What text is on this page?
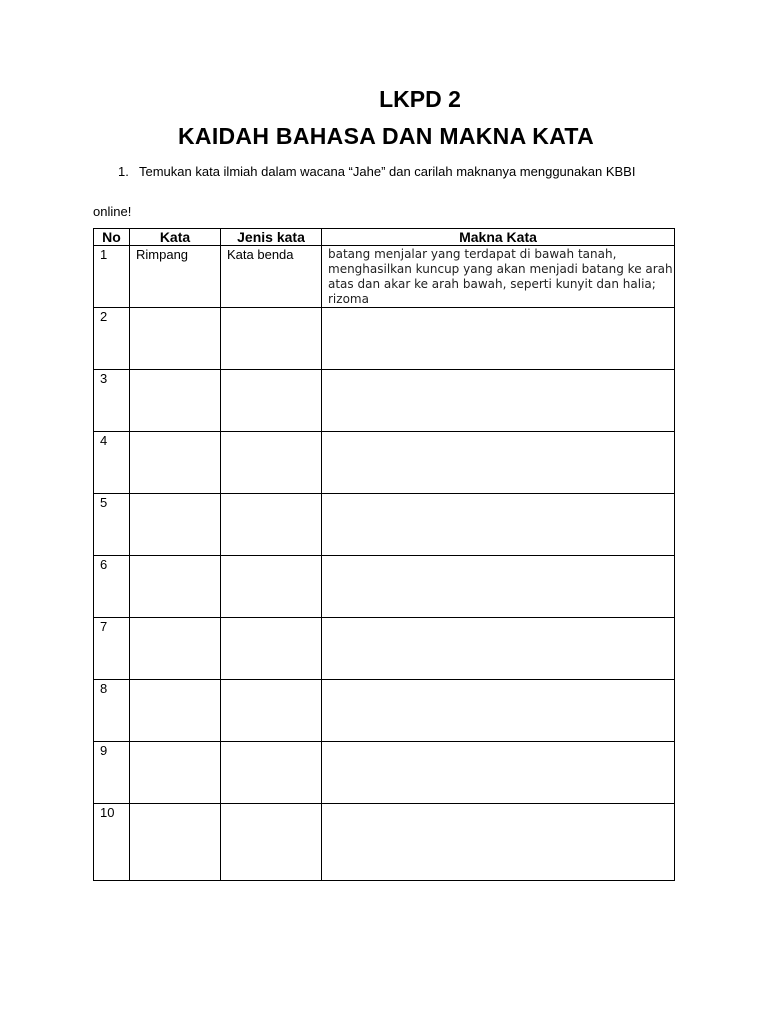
LKPD 2
KAIDAH BAHASA DAN MAKNA KATA
1. Temukan kata ilmiah dalam wacana “Jahe” dan carilah maknanya menggunakan KBBI
online!
No	Kata	Jenis kata	Makna Kata
1	Rimpang	Kata benda	batang menjalar yang terdapat di bawah tanah, menghasilkan kuncup yang akan menjadi batang ke arah atas dan akar ke arah bawah, seperti kunyit dan halia; rizoma
2			
3			
4			
5			
6			
7			
8			
9			
10			
